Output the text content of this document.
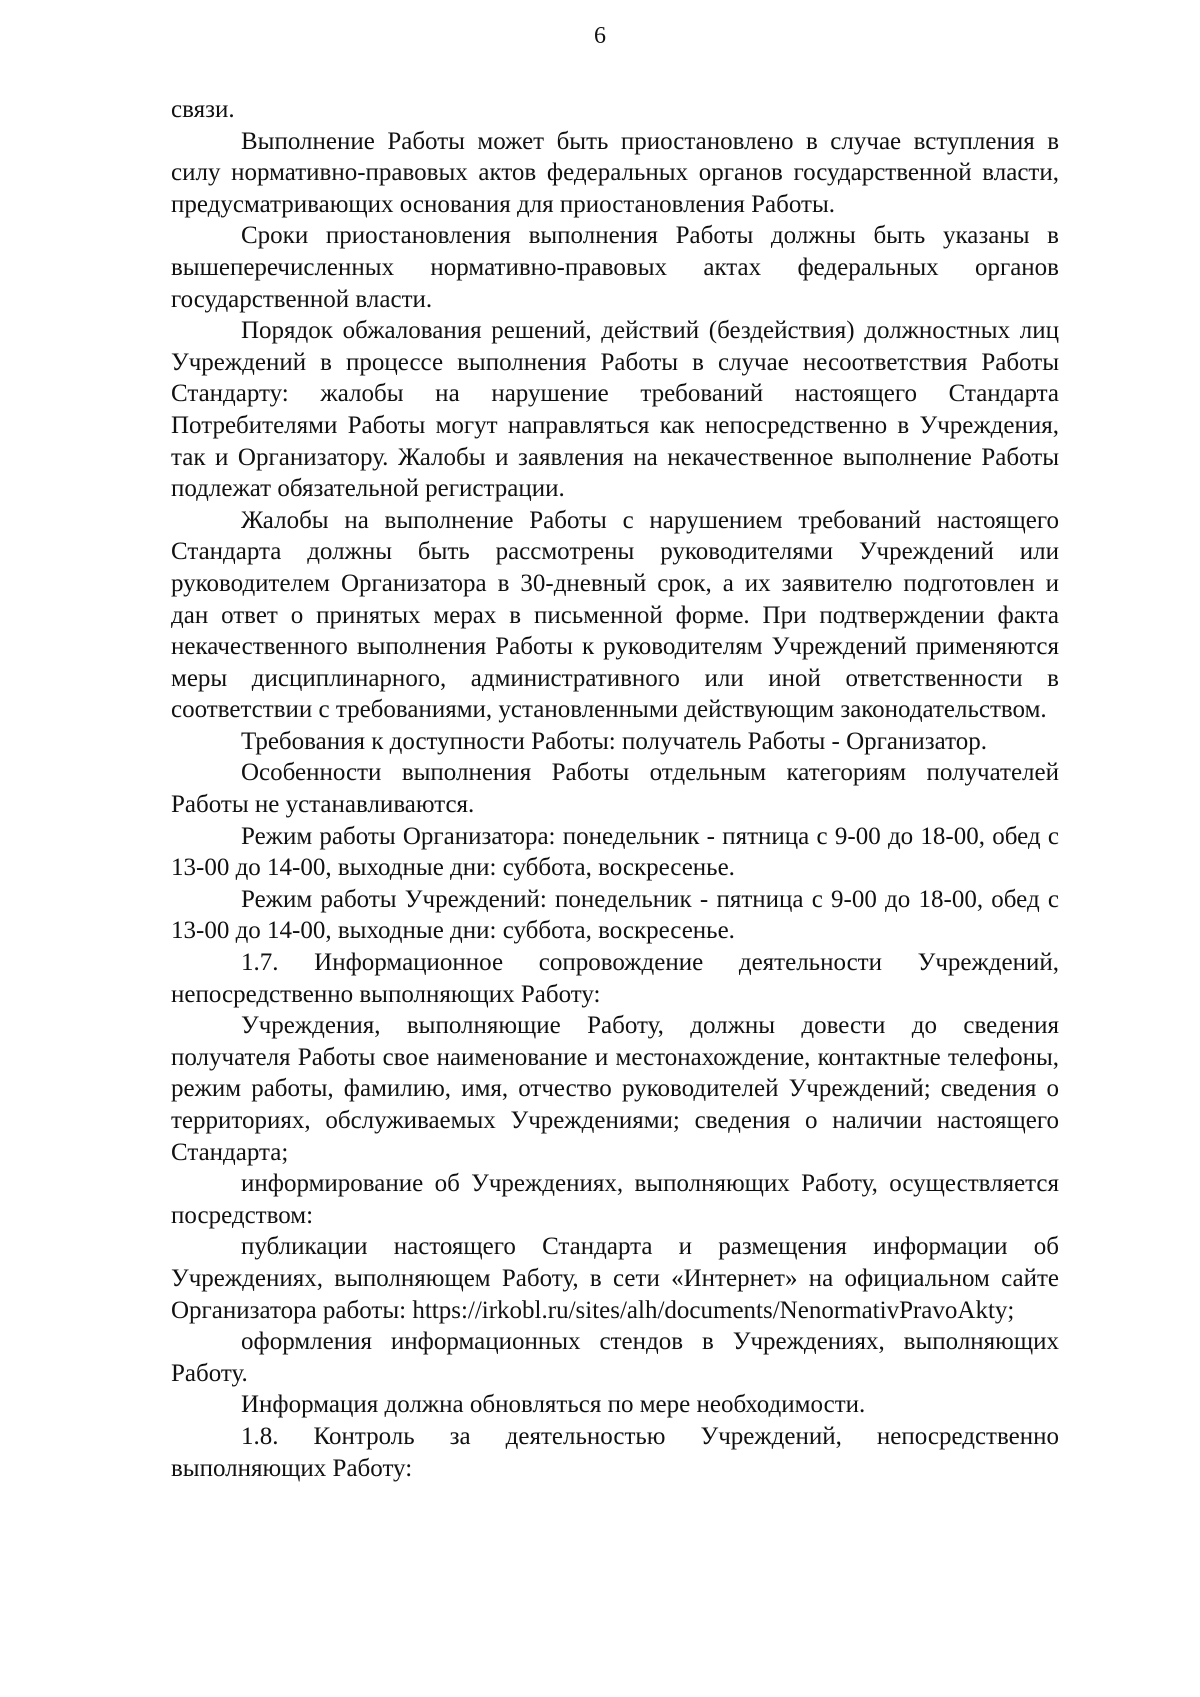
6

связи.

Выполнение Работы может быть приостановлено в случае вступления в силу нормативно-правовых актов федеральных органов государственной власти, предусматривающих основания для приостановления Работы.

Сроки приостановления выполнения Работы должны быть указаны в вышеперечисленных нормативно-правовых актах федеральных органов государственной власти.

Порядок обжалования решений, действий (бездействия) должностных лиц Учреждений в процессе выполнения Работы в случае несоответствия Работы Стандарту: жалобы на нарушение требований настоящего Стандарта Потребителями Работы могут направляться как непосредственно в Учреждения, так и Организатору. Жалобы и заявления на некачественное выполнение Работы подлежат обязательной регистрации.

Жалобы на выполнение Работы с нарушением требований настоящего Стандарта должны быть рассмотрены руководителями Учреждений или руководителем Организатора в 30-дневный срок, а их заявителю подготовлен и дан ответ о принятых мерах в письменной форме. При подтверждении факта некачественного выполнения Работы к руководителям Учреждений применяются меры дисциплинарного, административного или иной ответственности в соответствии с требованиями, установленными действующим законодательством.

Требования к доступности Работы: получатель Работы - Организатор.

Особенности выполнения Работы отдельным категориям получателей Работы не устанавливаются.

Режим работы Организатора: понедельник - пятница с 9-00 до 18-00, обед с 13-00 до 14-00, выходные дни: суббота, воскресенье.

Режим работы Учреждений: понедельник - пятница с 9-00 до 18-00, обед с 13-00 до 14-00, выходные дни: суббота, воскресенье.

1.7. Информационное сопровождение деятельности Учреждений, непосредственно выполняющих Работу:

Учреждения, выполняющие Работу, должны довести до сведения получателя Работы свое наименование и местонахождение, контактные телефоны, режим работы, фамилию, имя, отчество руководителей Учреждений; сведения о территориях, обслуживаемых Учреждениями; сведения о наличии настоящего Стандарта;

информирование об Учреждениях, выполняющих Работу, осуществляется посредством:

публикации настоящего Стандарта и размещения информации об Учреждениях, выполняющем Работу, в сети «Интернет» на официальном сайте Организатора работы: https://irkobl.ru/sites/alh/documents/NenormativPravoAkty;

оформления информационных стендов в Учреждениях, выполняющих Работу.

Информация должна обновляться по мере необходимости.

1.8. Контроль за деятельностью Учреждений, непосредственно выполняющих Работу:
